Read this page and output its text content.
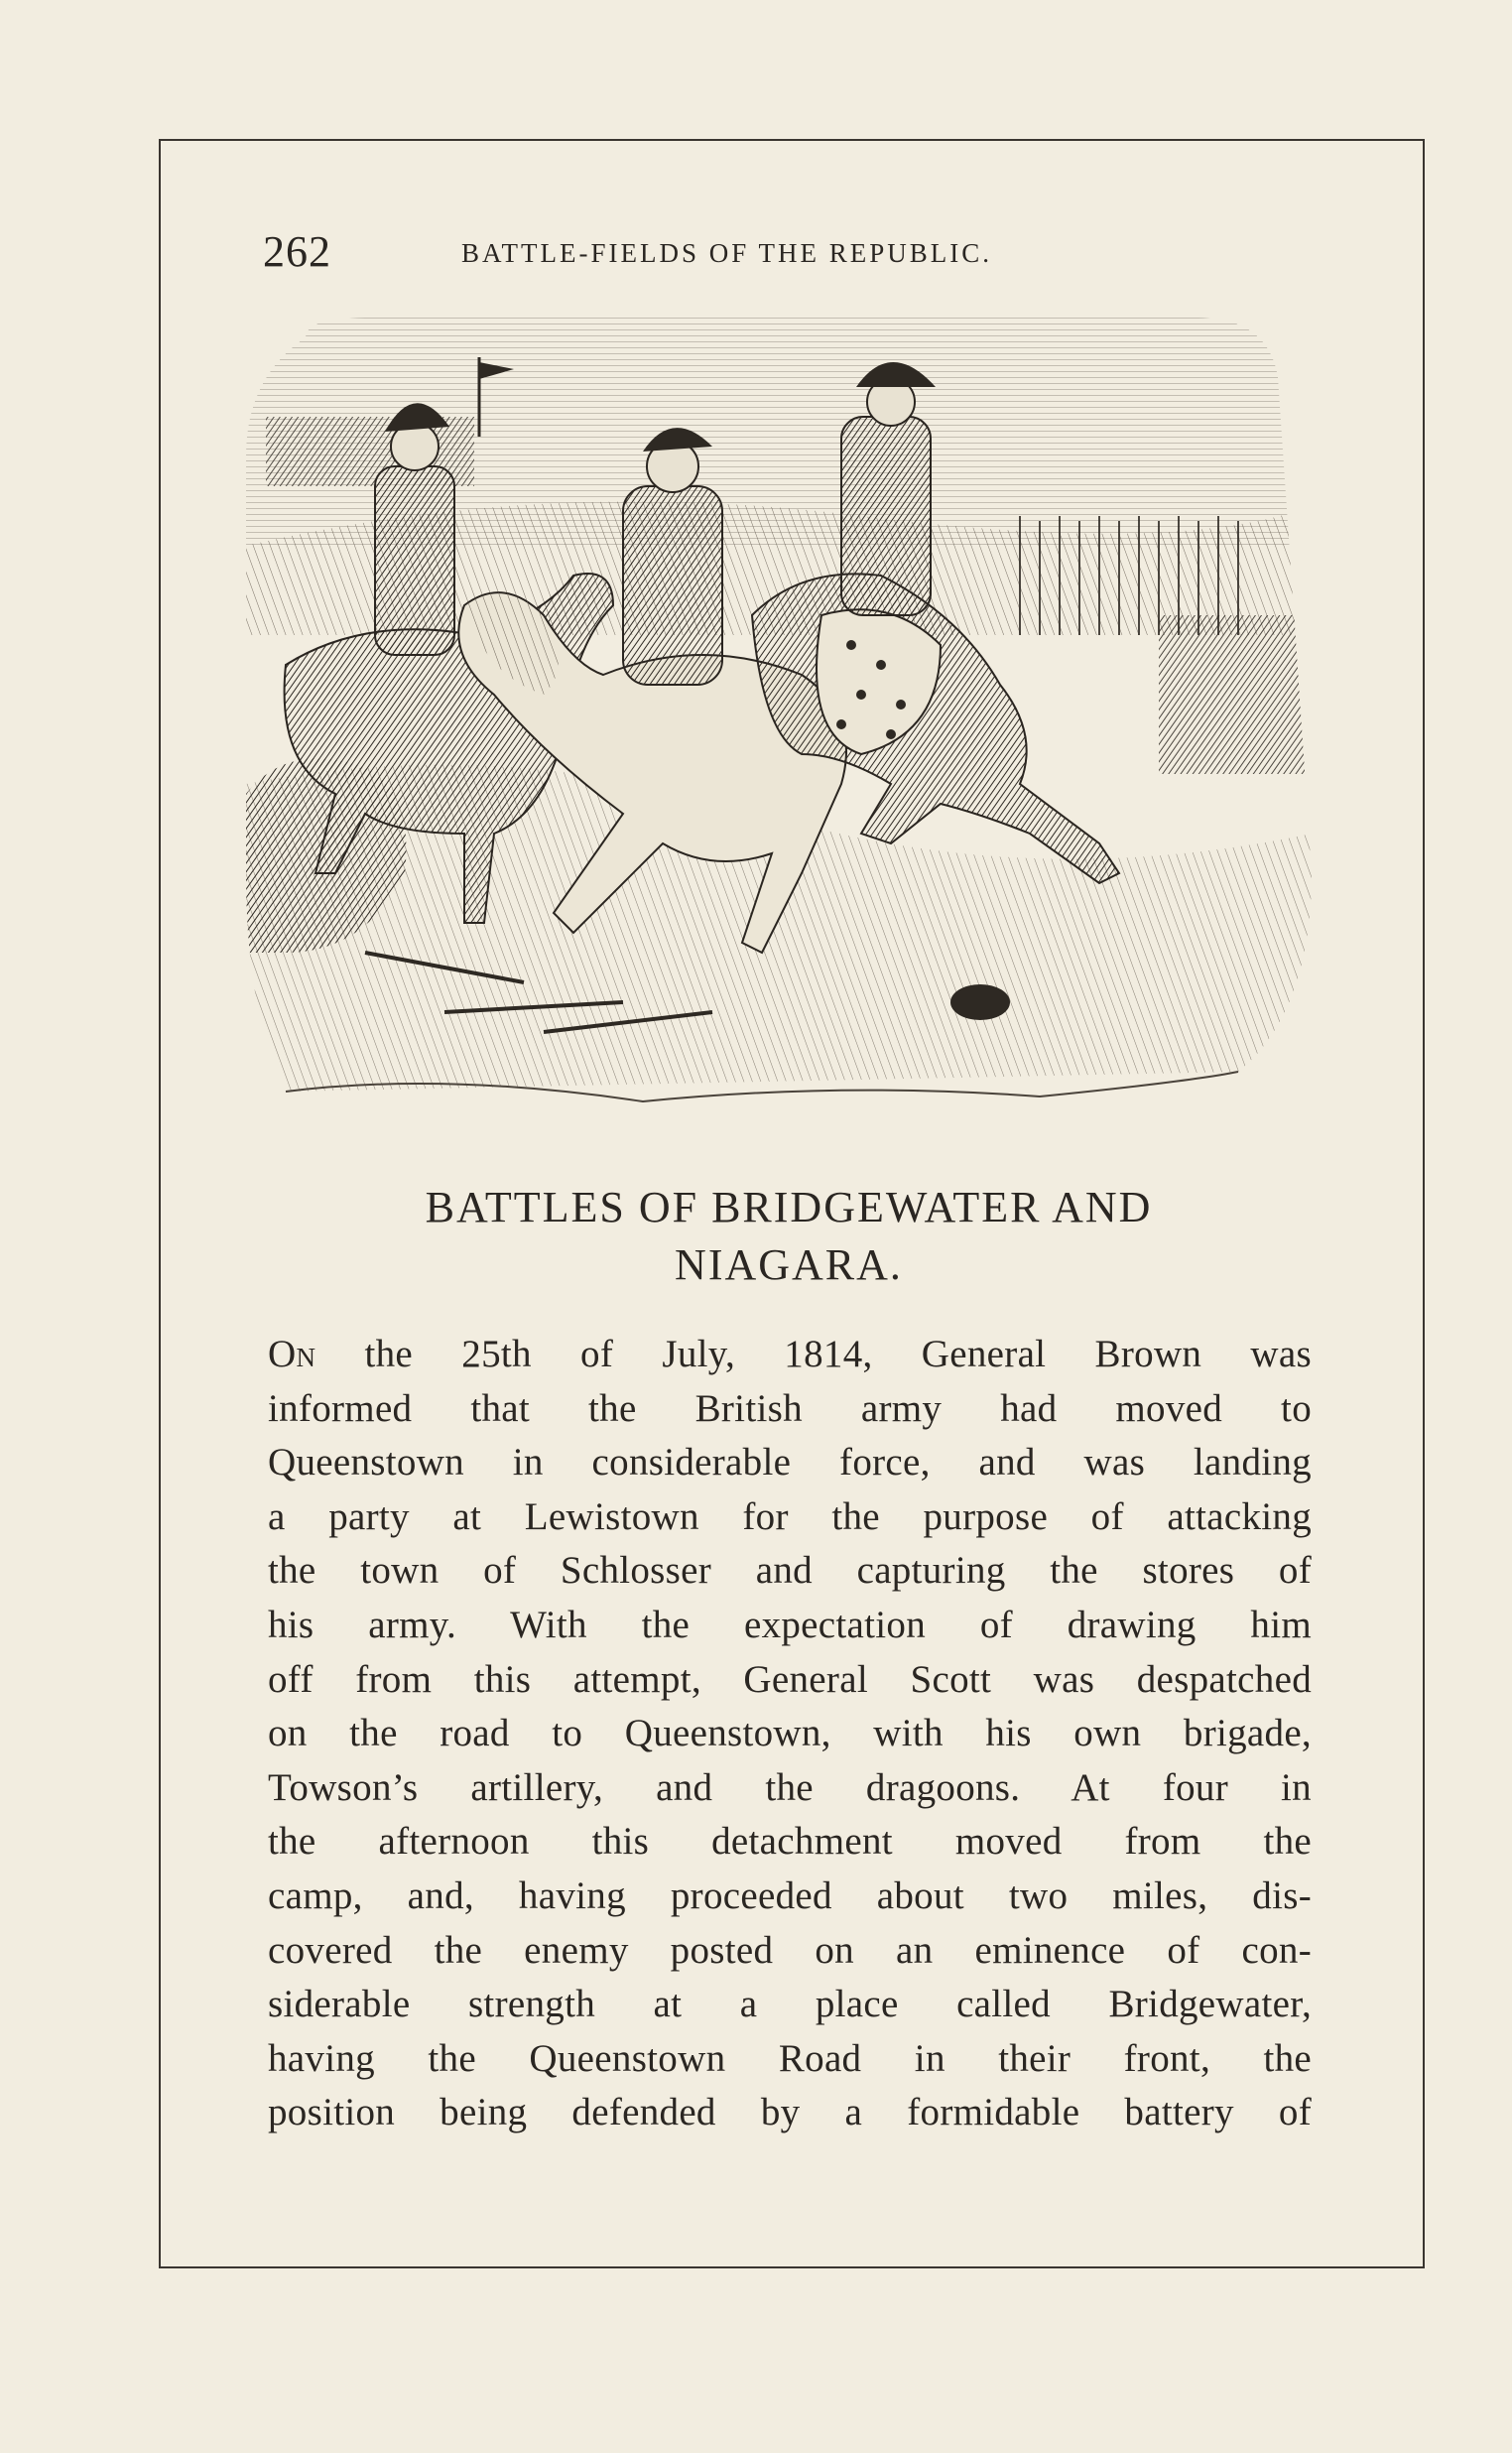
262	BATTLE-FIELDS OF THE REPUBLIC.
BATTLES OF BRIDGEWATER AND
NIAGARA.
On the 25th of July, 1814, General Brown was
informed that the British army had moved to
Queenstown in considerable force, and was landing
a party at Lewistown for the purpose of attacking
the town of Schlosser and capturing the stores of
his army. With the expectation of drawing him
off from this attempt, General Scott was despatched
on the road to Queenstown, with his own brigade,
Towson’s artillery, and the dragoons. At four in
the afternoon this detachment moved from the
camp, and, having proceeded about two miles, dis-
covered the enemy posted on an eminence of con-
siderable strength at a place called Bridgewater,
having the Queenstown Road in their front, the
position being defended by a formidable battery of
